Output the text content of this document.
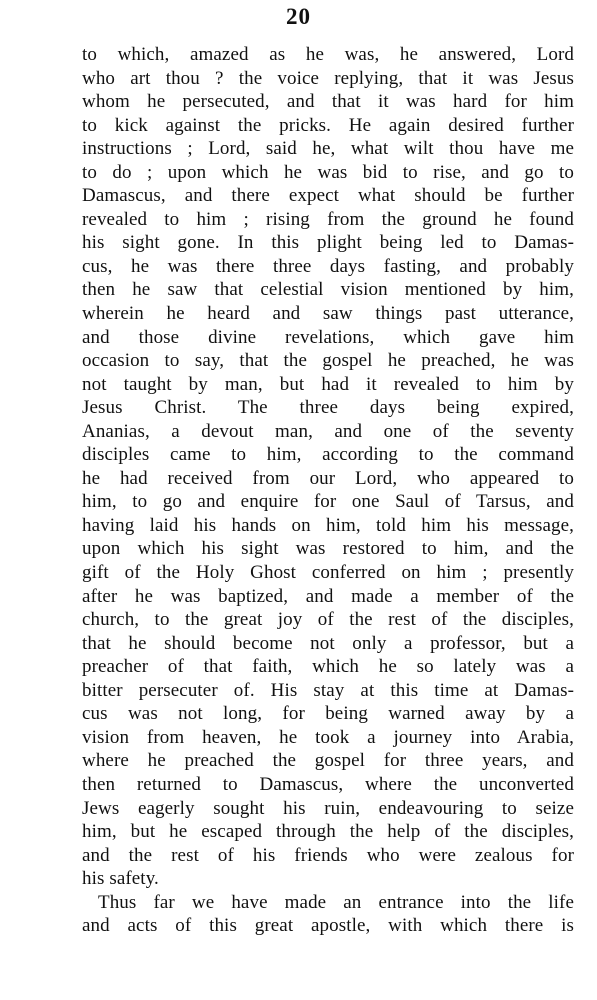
20
to which, amazed as he was, he answered, Lord
who art thou ? the voice replying, that it was Jesus
whom he persecuted, and that it was hard for him
to kick against the pricks. He again desired further
instructions ; Lord, said he, what wilt thou have me
to do ; upon which he was bid to rise, and go to
Damascus, and there expect what should be further
revealed to him ; rising from the ground he found
his sight gone. In this plight being led to Damas-
cus, he was there three days fasting, and probably
then he saw that celestial vision mentioned by him,
wherein he heard and saw things past utterance,
and those divine revelations, which gave him
occasion to say, that the gospel he preached, he was
not taught by man, but had it revealed to him by
Jesus Christ. The three days being expired,
Ananias, a devout man, and one of the seventy
disciples came to him, according to the command
he had received from our Lord, who appeared to
him, to go and enquire for one Saul of Tarsus, and
having laid his hands on him, told him his message,
upon which his sight was restored to him, and the
gift of the Holy Ghost conferred on him ; presently
after he was baptized, and made a member of the
church, to the great joy of the rest of the disciples,
that he should become not only a professor, but a
preacher of that faith, which he so lately was a
bitter persecuter of. His stay at this time at Damas-
cus was not long, for being warned away by a
vision from heaven, he took a journey into Arabia,
where he preached the gospel for three years, and
then returned to Damascus, where the unconverted
Jews eagerly sought his ruin, endeavouring to seize
him, but he escaped through the help of the disciples,
and the rest of his friends who were zealous for
his safety.
Thus far we have made an entrance into the life
and acts of this great apostle, with which there is
